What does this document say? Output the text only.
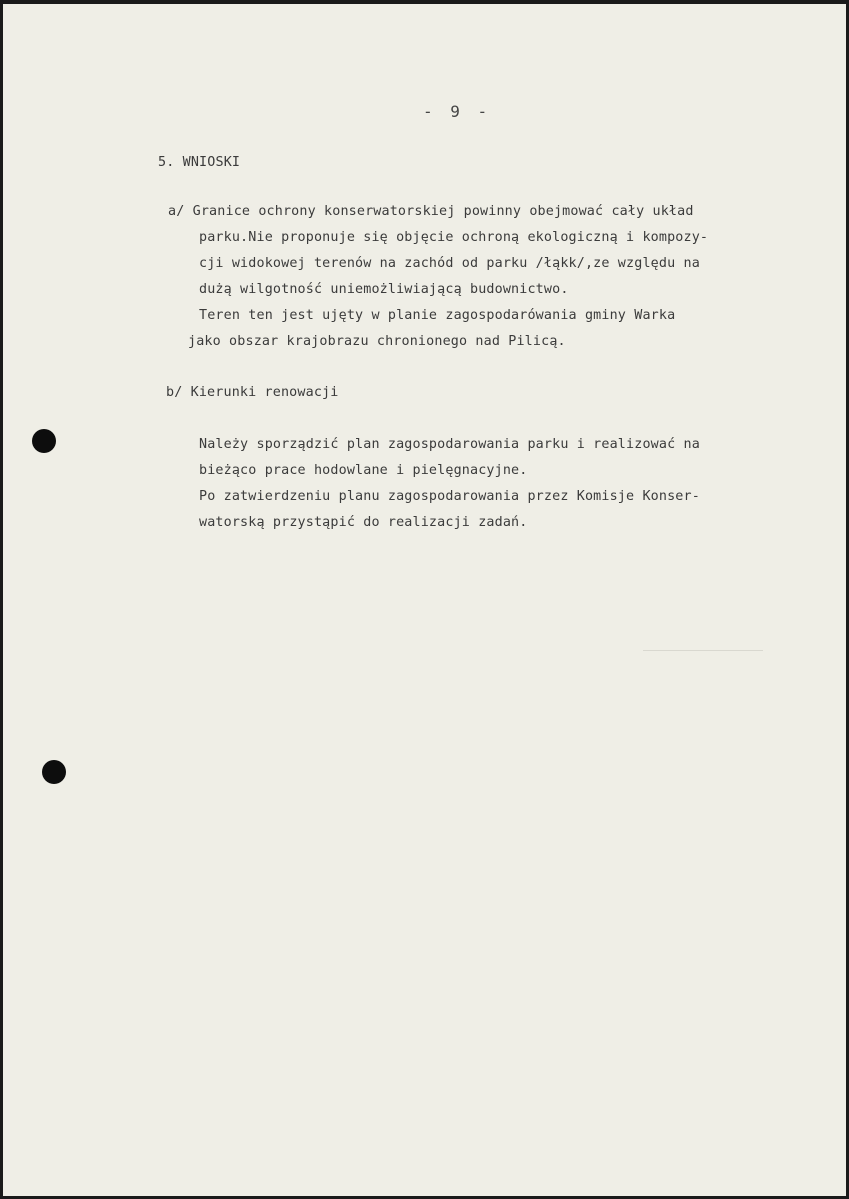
- 9 -
5. WNIOSKI
a/ Granice ochrony konserwatorskiej powinny obejmować cały układ
parku.Nie proponuje się objęcie ochroną ekologiczną i kompozy-
cji widokowej terenów na zachód od parku /łąkk/,ze względu na
dużą wilgotność uniemożliwiającą budownictwo.
Teren ten jest ujęty w planie zagospodarówania gminy Warka
jako obszar krajobrazu chronionego nad Pilicą.
b/ Kierunki renowacji
Należy sporządzić plan zagospodarowania parku i realizować na
bieżąco prace hodowlane i pielęgnacyjne.
Po zatwierdzeniu planu zagospodarowania przez Komisje Konser-
watorską przystąpić do realizacji zadań.
